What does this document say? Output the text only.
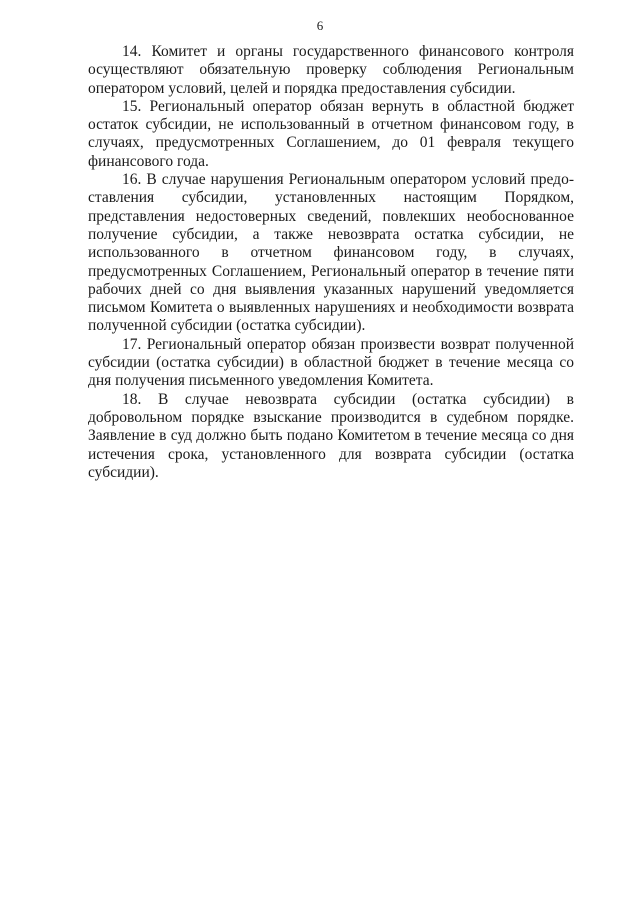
6

14. Комитет и органы государственного финансового контроля осуществляют обязательную проверку соблюдения Региональным оператором условий, целей и порядка предоставления субсидии.

15. Региональный оператор обязан вернуть в областной бюджет остаток субсидии, не использованный в отчетном финансовом году, в случаях, предусмотренных Соглашением, до 01 февраля текущего финансового года.

16. В случае нарушения Региональным оператором условий предоставления субсидии, установленных настоящим Порядком, представления недостоверных сведений, повлекших необоснованное получение субсидии, а также невозврата остатка субсидии, не использованного в отчетном финансовом году, в случаях, предусмотренных Соглашением, Региональный оператор в течение пяти рабочих дней со дня выявления указанных нарушений уведомляется письмом Комитета о выявленных нарушениях и необходимости возврата полученной субсидии (остатка субсидии).

17. Региональный оператор обязан произвести возврат полученной субсидии (остатка субсидии) в областной бюджет в течение месяца со дня получения письменного уведомления Комитета.

18. В случае невозврата субсидии (остатка субсидии) в добровольном порядке взыскание производится в судебном порядке. Заявление в суд должно быть подано Комитетом в течение месяца со дня истечения срока, установленного для возврата субсидии (остатка субсидии).
